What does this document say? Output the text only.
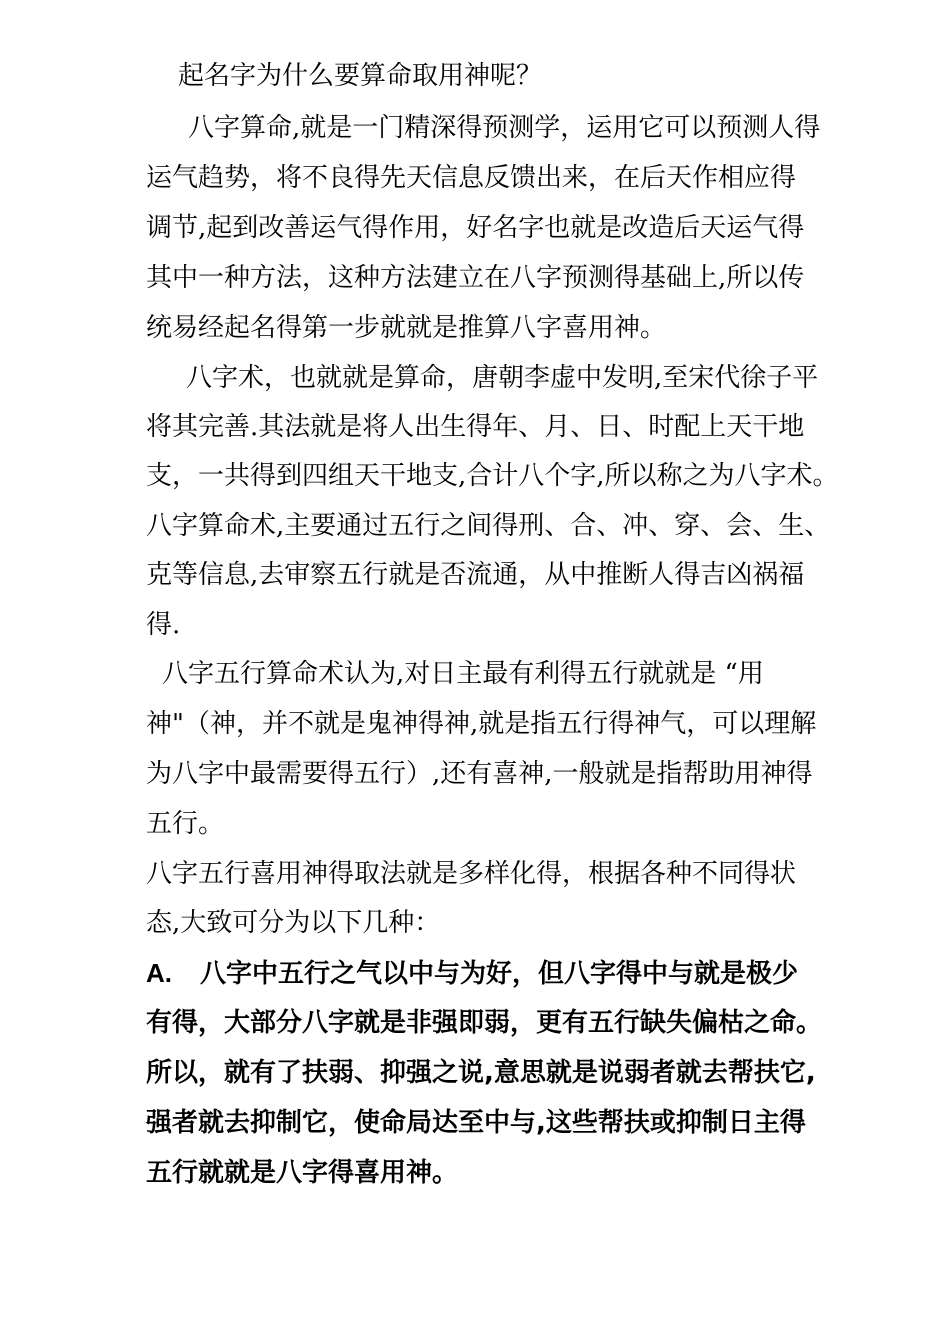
起名字为什么要算命取用神呢？
八字算命,就是一门精深得预测学，运用它可以预测人得
运气趋势，将不良得先天信息反馈出来，在后天作相应得
调节,起到改善运气得作用，好名字也就是改造后天运气得
其中一种方法，这种方法建立在八字预测得基础上,所以传
统易经起名得第一步就就是推算八字喜用神。
八字术，也就就是算命，唐朝李虚中发明,至宋代徐子平
将其完善.其法就是将人出生得年、月、日、时配上天干地
支，一共得到四组天干地支,合计八个字,所以称之为八字术。
八字算命术,主要通过五行之间得刑、合、冲、穿、会、生、
克等信息,去审察五行就是否流通，从中推断人得吉凶祸福
得.
八字五行算命术认为,对日主最有利得五行就就是 “用
神"（神，并不就是鬼神得神,就是指五行得神气，可以理解
为八字中最需要得五行）,还有喜神,一般就是指帮助用神得
五行。
八字五行喜用神得取法就是多样化得，根据各种不同得状
态,大致可分为以下几种：
A. 八字中五行之气以中与为好，但八字得中与就是极少
有得，大部分八字就是非强即弱，更有五行缺失偏枯之命。
所以，就有了扶弱、抑强之说,意思就是说弱者就去帮扶它,
强者就去抑制它，使命局达至中与,这些帮扶或抑制日主得
五行就就是八字得喜用神。
